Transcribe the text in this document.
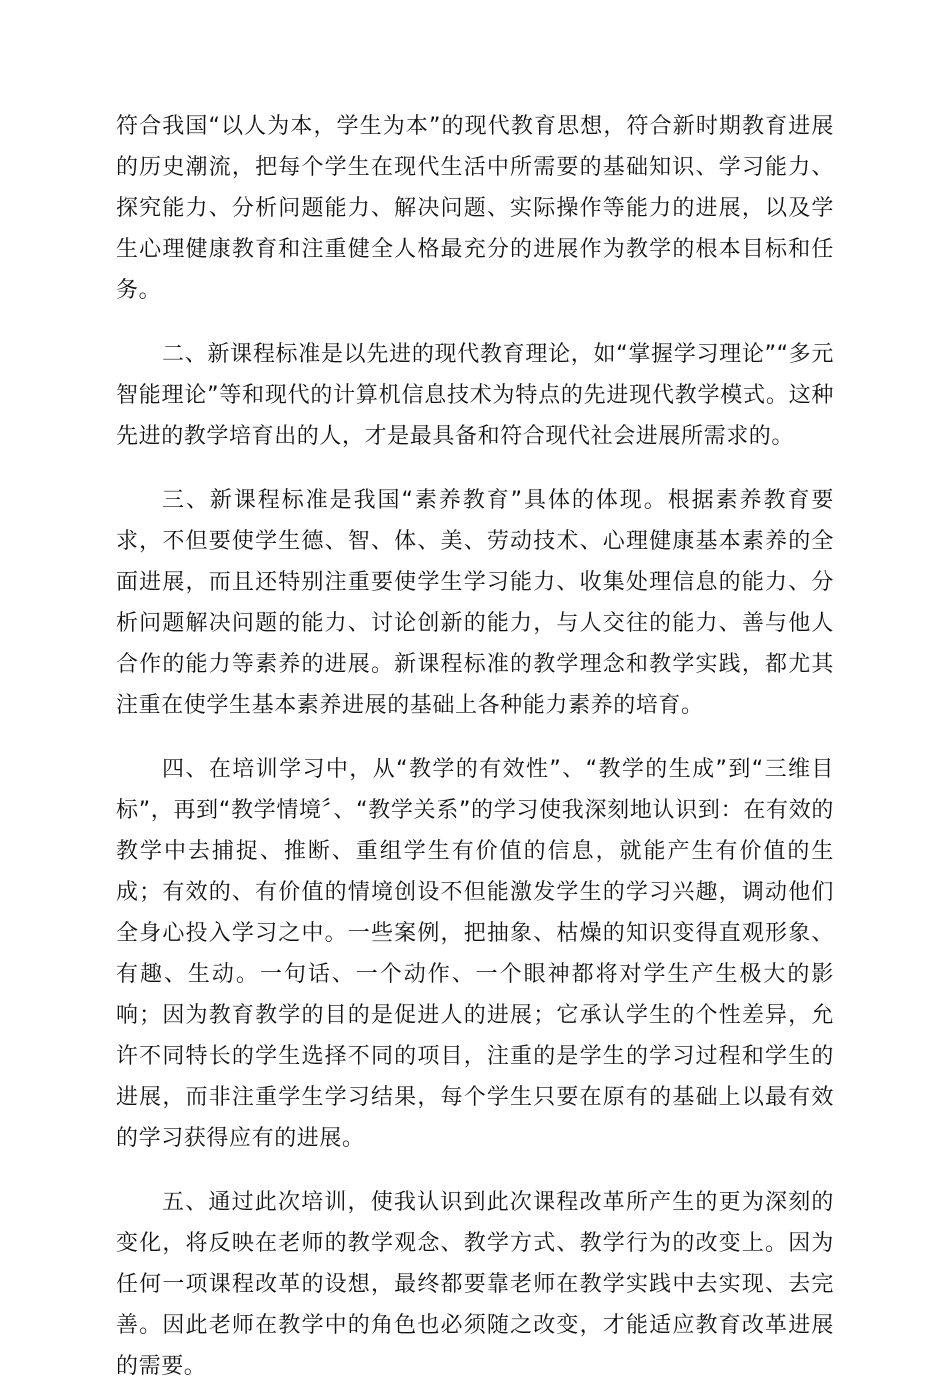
符合我国“以人为本，学生为本”的现代教育思想，符合新时期教育进展的历史潮流，把每个学生在现代生活中所需要的基础知识、学习能力、探究能力、分析问题能力、解决问题、实际操作等能力的进展，以及学生心理健康教育和注重健全人格最充分的进展作为教学的根本目标和任务。

二、新课程标准是以先进的现代教育理论，如“掌握学习理论”“多元智能理论”等和现代的计算机信息技术为特点的先进现代教学模式。这种先进的教学培育出的人，才是最具备和符合现代社会进展所需求的。

三、新课程标准是我国“素养教育”具体的体现。根据素养教育要求，不但要使学生德、智、体、美、劳动技术、心理健康基本素养的全面进展，而且还特别注重要使学生学习能力、收集处理信息的能力、分析问题解决问题的能力、讨论创新的能力，与人交往的能力、善与他人合作的能力等素养的进展。新课程标准的教学理念和教学实践，都尤其注重在使学生基本素养进展的基础上各种能力素养的培育。

四、在培训学习中，从“教学的有效性”、“教学的生成”到“三维目标”，再到“教学情境〞、“教学关系”的学习使我深刻地认识到：在有效的教学中去捕捉、推断、重组学生有价值的信息，就能产生有价值的生成；有效的、有价值的情境创设不但能激发学生的学习兴趣，调动他们全身心投入学习之中。一些案例，把抽象、枯燥的知识变得直观形象、有趣、生动。一句话、一个动作、一个眼神都将对学生产生极大的影响；因为教育教学的目的是促进人的进展；它承认学生的个性差异，允许不同特长的学生选择不同的项目，注重的是学生的学习过程和学生的进展，而非注重学生学习结果，每个学生只要在原有的基础上以最有效的学习获得应有的进展。

五、通过此次培训，使我认识到此次课程改革所产生的更为深刻的变化，将反映在老师的教学观念、教学方式、教学行为的改变上。因为任何一项课程改革的设想，最终都要靠老师在教学实践中去实现、去完善。因此老师在教学中的角色也必须随之改变，才能适应教育改革进展的需要。
